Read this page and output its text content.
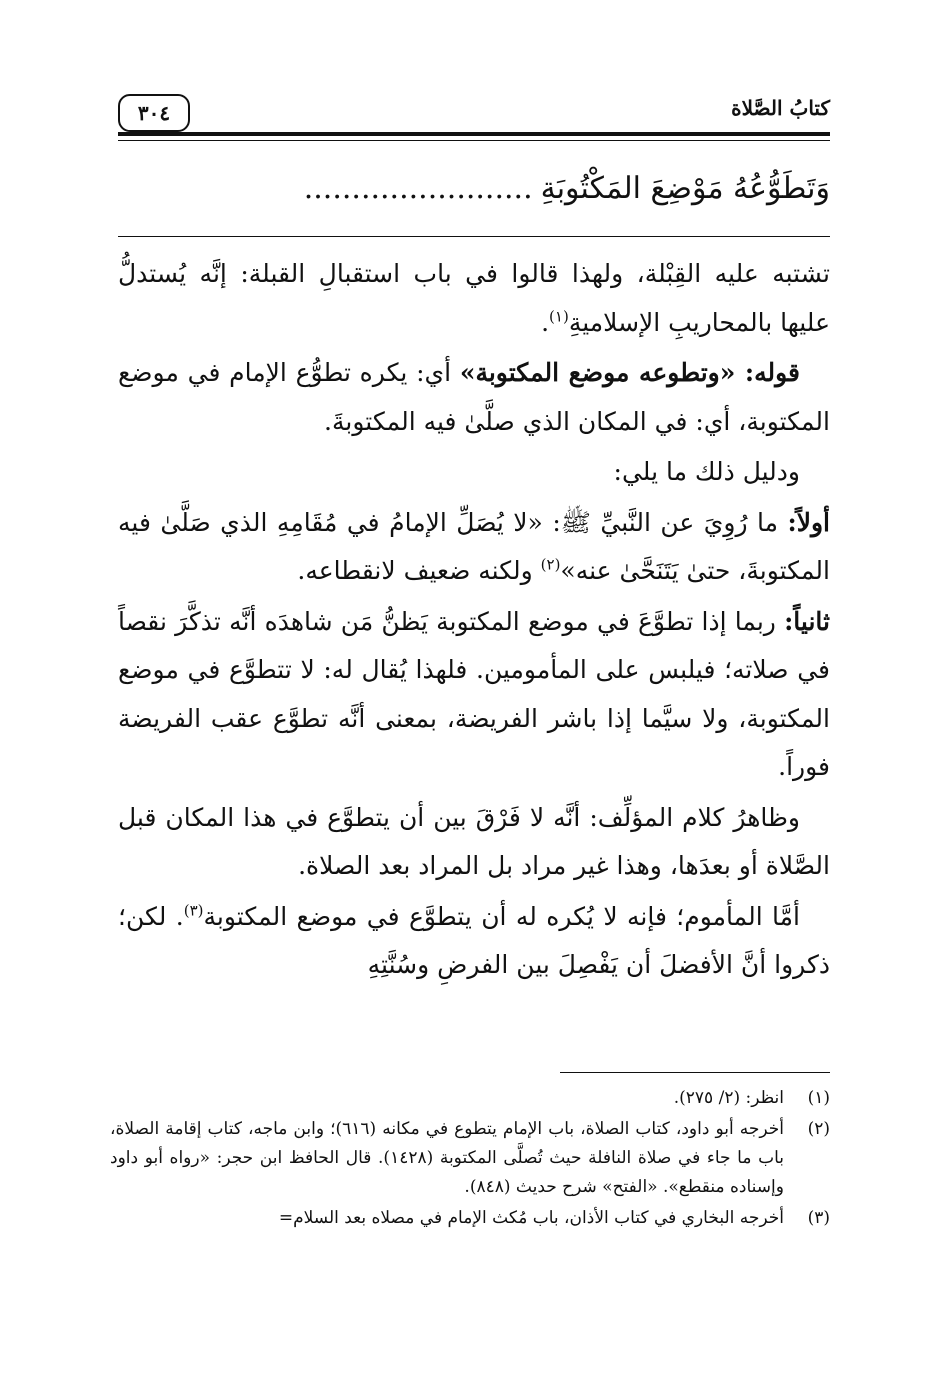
كتابُ الصَّلاة
٣٠٤
وَتَطَوُّعُهُ مَوْضِعَ المَكْتُوبَةِ........................

تشتبه عليه القِبْلة، ولهذا قالوا في باب استقبالِ القبلة: إنَّه يُستدلُّ عليها بالمحاريبِ الإسلاميةِ$^{(١)}$.

قوله: «وتطوعه موضع المكتوبة» أي: يكره تطوُّع الإمام في موضع المكتوبة، أي: في المكان الذي صلَّىٰ فيه المكتوبةَ.

ودليل ذلك ما يلي:

أولاً: ما رُوِيَ عن النَّبيِّ ﷺ: «لا يُصَلِّ الإمامُ في مُقَامِهِ الذي صَلَّىٰ فيه المكتوبةَ، حتىٰ يَتَنَحَّىٰ عنه»$^{(٢)}$ ولكنه ضعيف لانقطاعه.

ثانياً: ربما إذا تطوَّعَ في موضع المكتوبة يَظنُّ مَن شاهدَه أنَّه تذكَّرَ نقصاً في صلاته؛ فيلبس على المأمومين. فلهذا يُقال له: لا تتطوَّع في موضع المكتوبة، ولا سيَّما إذا باشر الفريضة، بمعنى أنَّه تطوَّع عقب الفريضة فوراً.

وظاهرُ كلام المؤلِّف: أنَّه لا فَرْقَ بين أن يتطوَّع في هذا المكان قبل الصَّلاة أو بعدَها، وهذا غير مراد بل المراد بعد الصلاة.

أمَّا المأموم؛ فإنه لا يُكره له أن يتطوَّع في موضع المكتوبة$^{(٣)}$. لكن؛ ذكروا أنَّ الأفضلَ أن يَفْصِلَ بين الفرضِ وسُنَّتِهِ

(١)
انظر: (٢/ ٢٧٥).
(٢)
أخرجه أبو داود، كتاب الصلاة، باب الإمام يتطوع في مكانه (٦١٦)؛ وابن ماجه، كتاب إقامة الصلاة، باب ما جاء في صلاة النافلة حيث تُصلَّى المكتوبة (١٤٢٨). قال الحافظ ابن حجر: «رواه أبو داود وإسناده منقطع». «الفتح» شرح حديث (٨٤٨).
(٣)
أخرجه البخاري في كتاب الأذان، باب مُكث الإمام في مصلاه بعد السلام=
